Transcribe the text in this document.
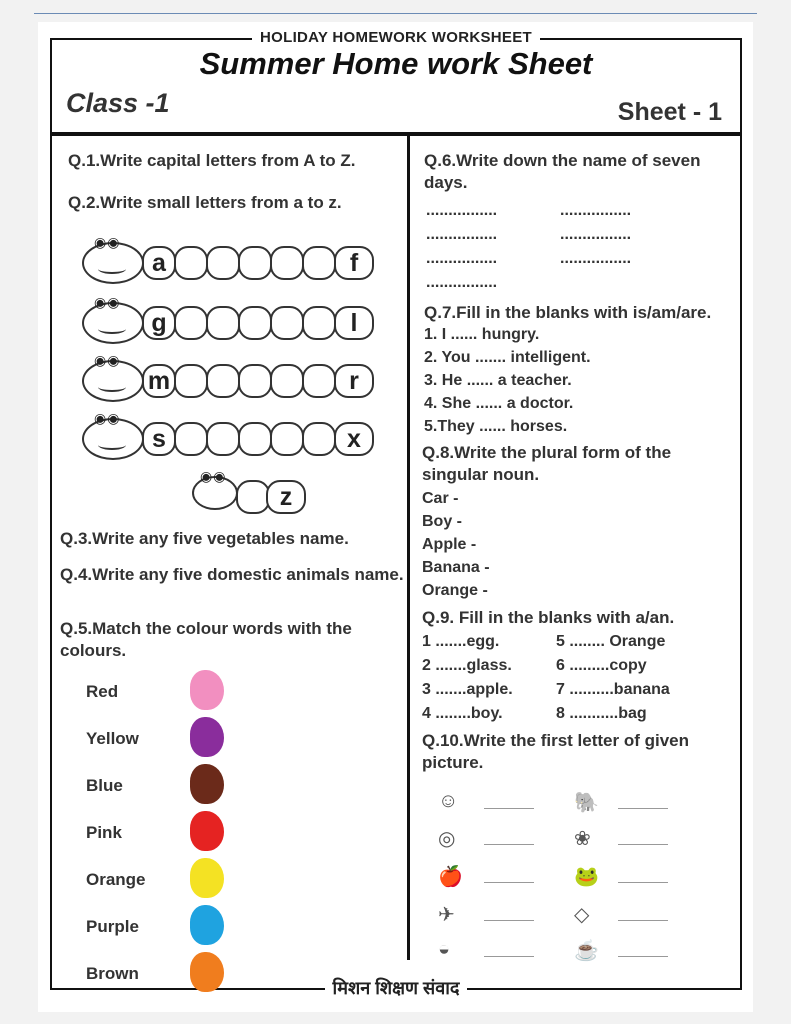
HOLIDAY HOMEWORK WORKSHEET
Summer Home work Sheet
Class -1	Sheet - 1
Q.1.Write capital letters from A to Z.
Q.2.Write small letters from a to z.
◉◉
a	f
◉◉
g	l
◉◉
m	r
◉◉
s	x
◉◉
z
Q.3.Write any five vegetables name.
Q.4.Write any five domestic animals name.
Q.5.Match the colour words with the colours.
Red
Yellow
Blue
Pink
Orange
Purple
Brown
Q.6.Write down the name of seven days.
................	................
................	................
................	................
................
Q.7.Fill in the blanks with is/am/are.
1. I ...... hungry.
2. You ....... intelligent.
3. He ...... a teacher.
4. She ...... a doctor.
5.They ...... horses.
Q.8.Write the plural form of the singular noun.
Car -
Boy -
Apple -
Banana -
Orange -
Q.9. Fill in the blanks with a/an.
1 .......egg.	5 ........ Orange
2 .......glass.	6 .........copy
3 .......apple.	7 ..........banana
4 ........boy.	8 ...........bag
Q.10.Write the first letter of given picture.
☺	🐘
◎	❀
🍎	🐸
✈	◇
◒	☕
मिशन शिक्षण संवाद
